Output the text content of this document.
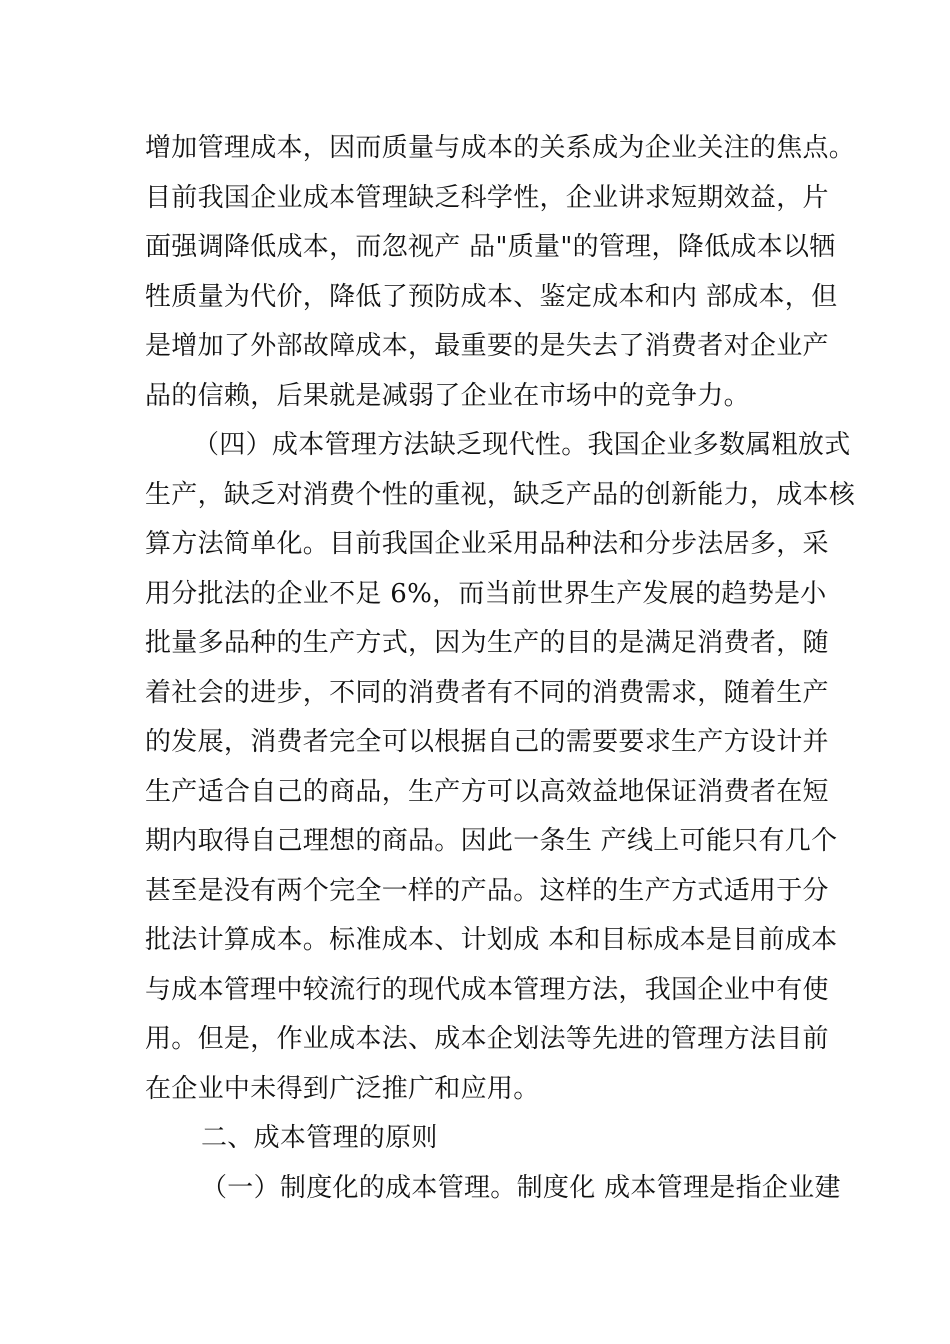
增加管理成本，因而质量与成本的关系成为企业关注的焦点。
目前我国企业成本管理缺乏科学性，企业讲求短期效益，片
面强调降低成本，而忽视产 品"质量"的管理，降低成本以牺
牲质量为代价，降低了预防成本、鉴定成本和内 部成本，但
是增加了外部故障成本，最重要的是失去了消费者对企业产
品的信赖，后果就是减弱了企业在市场中的竞争力。
（四）成本管理方法缺乏现代性。我国企业多数属粗放式
生产，缺乏对消费个性的重视，缺乏产品的创新能力，成本核
算方法简单化。目前我国企业采用品种法和分步法居多，采
用分批法的企业不足 6%，而当前世界生产发展的趋势是小
批量多品种的生产方式，因为生产的目的是满足消费者，随
着社会的进步，不同的消费者有不同的消费需求，随着生产
的发展，消费者完全可以根据自己的需要要求生产方设计并
生产适合自己的商品，生产方可以高效益地保证消费者在短
期内取得自己理想的商品。因此一条生 产线上可能只有几个
甚至是没有两个完全一样的产品。这样的生产方式适用于分
批法计算成本。标准成本、计划成 本和目标成本是目前成本
与成本管理中较流行的现代成本管理方法，我国企业中有使
用。但是，作业成本法、成本企划法等先进的管理方法目前
在企业中未得到广泛推广和应用。
二、成本管理的原则
（一）制度化的成本管理。制度化 成本管理是指企业建
